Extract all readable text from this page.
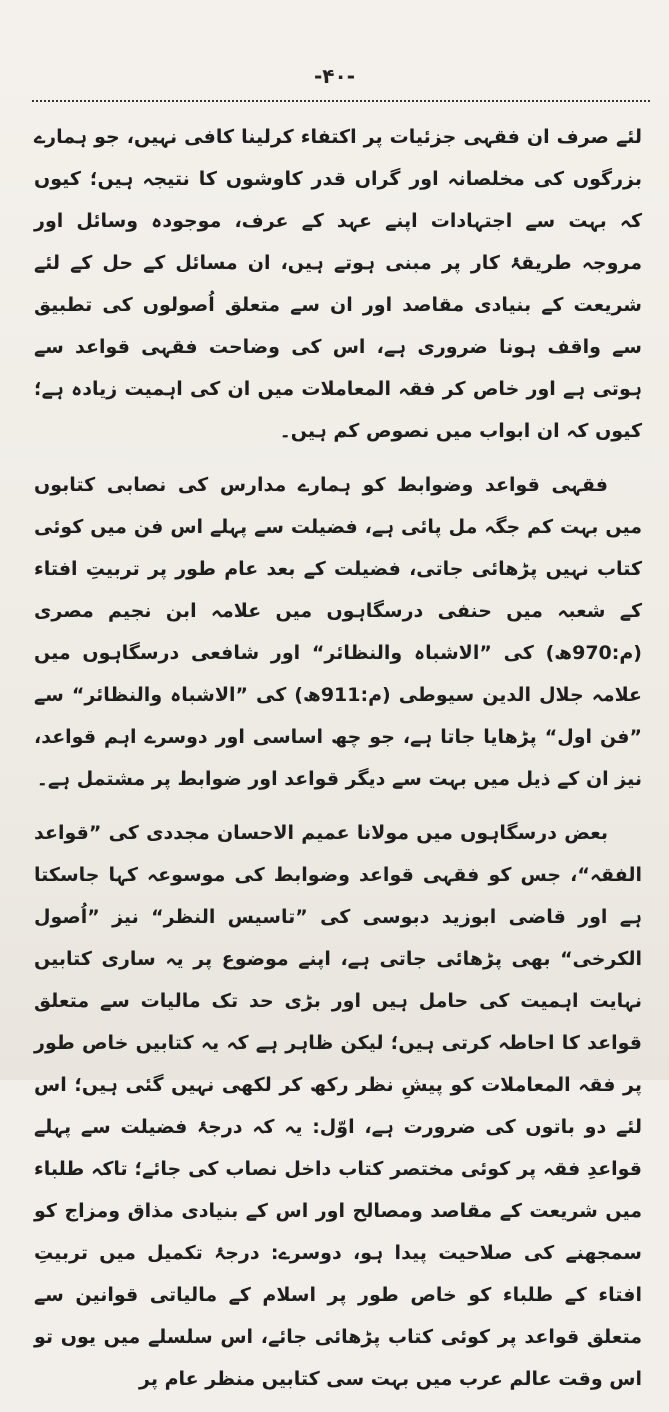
-۴۰-

لئے صرف ان فقہی جزئیات پر اکتفاء کرلینا کافی نہیں، جو ہمارے بزرگوں کی مخلصانہ اور گراں قدر کاوشوں کا نتیجہ ہیں؛ کیوں کہ بہت سے اجتہادات اپنے عہد کے عرف، موجودہ وسائل اور مروجہ طریقۂ کار پر مبنی ہوتے ہیں، ان مسائل کے حل کے لئے شریعت کے بنیادی مقاصد اور ان سے متعلق اُصولوں کی تطبیق سے واقف ہونا ضروری ہے، اس کی وضاحت فقہی قواعد سے ہوتی ہے اور خاص کر فقہ المعاملات میں ان کی اہمیت زیادہ ہے؛ کیوں کہ ان ابواب میں نصوص کم ہیں۔

فقہی قواعد وضوابط کو ہمارے مدارس کی نصابی کتابوں میں بہت کم جگہ مل پائی ہے، فضیلت سے پہلے اس فن میں کوئی کتاب نہیں پڑھائی جاتی، فضیلت کے بعد عام طور پر تربیتِ افتاء کے شعبہ میں حنفی درسگاہوں میں علامہ ابن نجیم مصری (م:970ھ) کی ”الاشباہ والنظائر“ اور شافعی درسگاہوں میں علامہ جلال الدین سیوطی (م:911ھ) کی ”الاشباہ والنظائر“ سے ”فن اول“ پڑھایا جاتا ہے، جو چھ اساسی اور دوسرے اہم قواعد، نیز ان کے ذیل میں بہت سے دیگر قواعد اور ضوابط پر مشتمل ہے۔

بعض درسگاہوں میں مولانا عمیم الاحسان مجددی کی ”قواعد الفقہ“، جس کو فقہی قواعد وضوابط کی موسوعہ کہا جاسکتا ہے اور قاضی ابوزید دبوسی کی ”تاسیس النظر“ نیز ”اُصول الکرخی“ بھی پڑھائی جاتی ہے، اپنے موضوع پر یہ ساری کتابیں نہایت اہمیت کی حامل ہیں اور بڑی حد تک مالیات سے متعلق قواعد کا احاطہ کرتی ہیں؛ لیکن ظاہر ہے کہ یہ کتابیں خاص طور پر فقہ المعاملات کو پیشِ نظر رکھ کر لکھی نہیں گئی ہیں؛ اس لئے دو باتوں کی ضرورت ہے، اوّل: یہ کہ درجۂ فضیلت سے پہلے قواعدِ فقہ پر کوئی مختصر کتاب داخل نصاب کی جائے؛ تاکہ طلباء میں شریعت کے مقاصد ومصالح اور اس کے بنیادی مذاق ومزاج کو سمجھنے کی صلاحیت پیدا ہو، دوسرے: درجۂ تکمیل میں تربیتِ افتاء کے طلباء کو خاص طور پر اسلام کے مالیاتی قوانین سے متعلق قواعد پر کوئی کتاب پڑھائی جائے، اس سلسلے میں یوں تو اس وقت عالم عرب میں بہت سی کتابیں منظر عام پر
